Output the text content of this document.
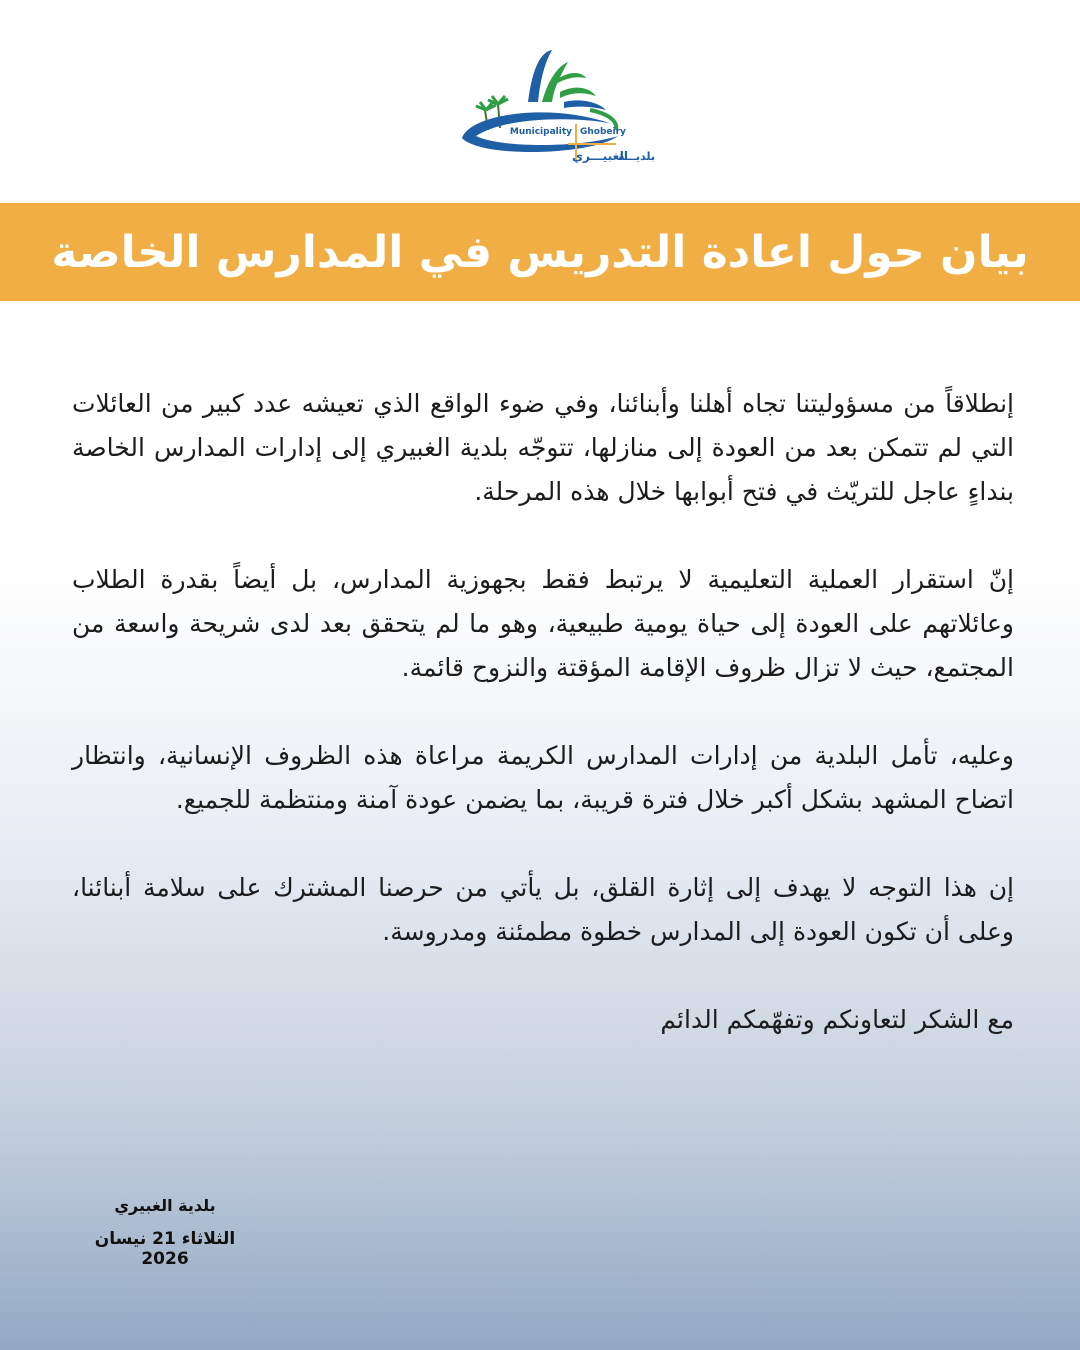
Municipality Ghobeiry
الغبيـــري
بلديـــة
بيان حول اعادة التدريس في المدارس الخاصة

إنطلاقاً من مسؤوليتنا تجاه أهلنا وأبنائنا، وفي ضوء الواقع الذي تعيشه عدد كبير من العائلات التي لم تتمكن بعد من العودة إلى منازلها، تتوجّه بلدية الغبيري إلى إدارات المدارس الخاصة بنداءٍ عاجل للتريّث في فتح أبوابها خلال هذه المرحلة.

إنّ استقرار العملية التعليمية لا يرتبط فقط بجهوزية المدارس، بل أيضاً بقدرة الطلاب وعائلاتهم على العودة إلى حياة يومية طبيعية، وهو ما لم يتحقق بعد لدى شريحة واسعة من المجتمع، حيث لا تزال ظروف الإقامة المؤقتة والنزوح قائمة.

وعليه، تأمل البلدية من إدارات المدارس الكريمة مراعاة هذه الظروف الإنسانية، وانتظار اتضاح المشهد بشكل أكبر خلال فترة قريبة، بما يضمن عودة آمنة ومنتظمة للجميع.

إن هذا التوجه لا يهدف إلى إثارة القلق، بل يأتي من حرصنا المشترك على سلامة أبنائنا، وعلى أن تكون العودة إلى المدارس خطوة مطمئنة ومدروسة.

مع الشكر لتعاونكم وتفهّمكم الدائم

بلدية الغبيري
الثلاثاء 21 نيسان 2026
